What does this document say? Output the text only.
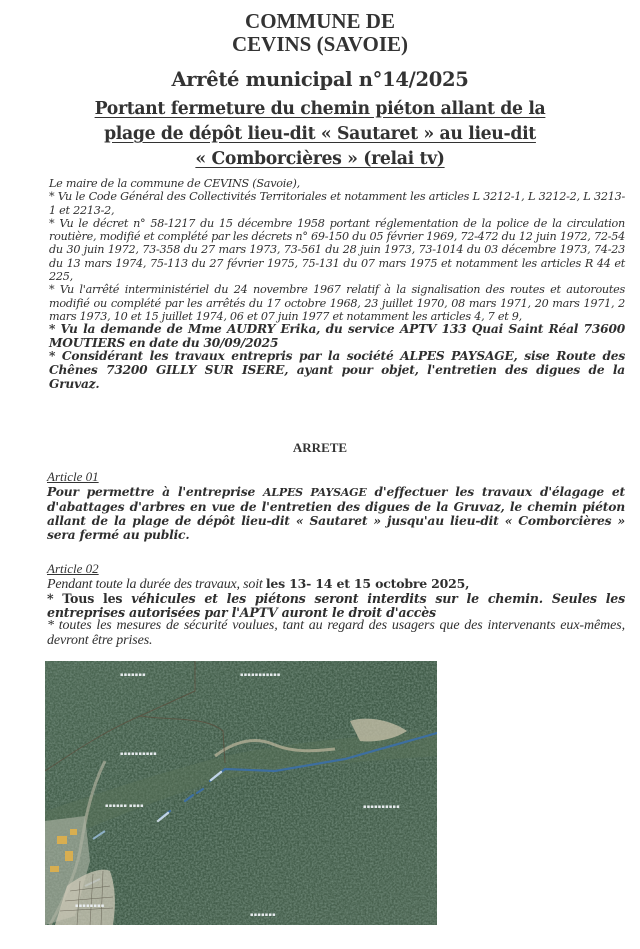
COMMUNE DE
CEVINS (SAVOIE)
Arrêté municipal n°14/2025
Portant fermeture du chemin piéton allant de la
plage de dépôt lieu-dit « Sautaret » au lieu-dit
« Comborcières » (relai tv)

Le maire de la commune de CEVINS (Savoie),

* Vu le Code Général des Collectivités Territoriales et notamment les articles L 3212-1, L 3212-2, L 3213-1 et 2213-2,

* Vu le décret n° 58-1217 du 15 décembre 1958 portant réglementation de la police de la circulation routière, modifié et complété par les décrets n° 69-150 du 05 février 1969, 72-472 du 12 juin 1972, 72-54 du 30 juin 1972, 73-358 du 27 mars 1973, 73-561 du 28 juin 1973, 73-1014 du 03 décembre 1973, 74-23 du 13 mars 1974, 75-113 du 27 février 1975, 75-131 du 07 mars 1975 et notamment les articles R 44 et 225,

* Vu l'arrêté interministériel du 24 novembre 1967 relatif à la signalisation des routes et autoroutes modifié ou complété par les arrêtés du 17 octobre 1968, 23 juillet 1970, 08 mars 1971, 20 mars 1971, 2 mars 1973, 10 et 15 juillet 1974, 06 et 07 juin 1977 et notamment les articles 4, 7 et 9,

* Vu la demande de Mme AUDRY Erika, du service APTV 133 Quai Saint Réal 73600 MOUTIERS en date du 30/09/2025

* Considérant les travaux entrepris par la société ALPES PAYSAGE, sise Route des Chênes 73200 GILLY SUR ISERE, ayant pour objet, l'entretien des digues de la Gruvaz.

ARRETE
Article 01
Pour permettre à l'entreprise ALPES PAYSAGE d'effectuer les travaux d'élagage et d'abattages d'arbres en vue de l'entretien des digues de la Gruvaz, le chemin piéton allant de la plage de dépôt lieu-dit « Sautaret » jusqu'au lieu-dit « Comborcières » sera fermé au public.
Article 02

Pendant toute la durée des travaux, soit les 13- 14 et 15 octobre 2025,

* Tous les véhicules et les piétons seront interdits sur le chemin. Seules les entreprises autorisées par l'APTV auront le droit d'accès

* toutes les mesures de sécurité voulues, tant au regard des usagers que des intervenants eux-mêmes, devront être prises.

▪▪▪▪▪▪▪	▪▪▪▪▪▪▪▪▪▪▪
▪▪▪▪▪▪▪▪▪▪
▪▪▪▪▪▪ ▪▪▪▪	▪▪▪▪▪▪▪▪▪▪
▪▪▪▪▪▪▪▪
▪▪▪▪▪▪▪
